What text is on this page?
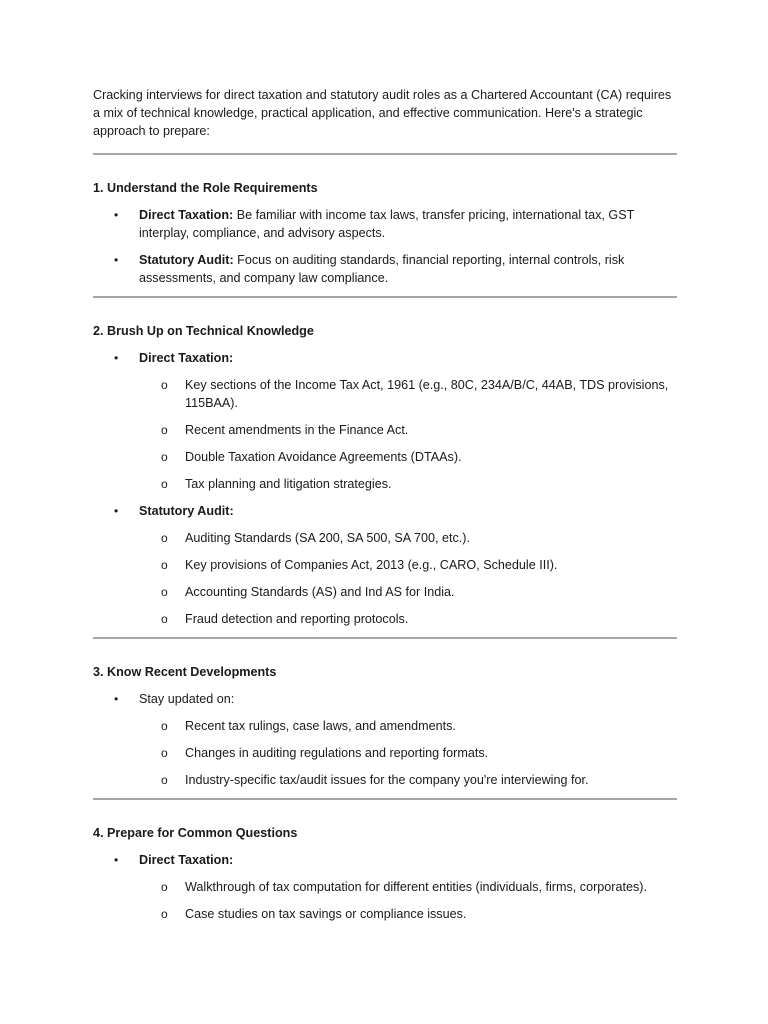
Cracking interviews for direct taxation and statutory audit roles as a Chartered Accountant (CA) requires a mix of technical knowledge, practical application, and effective communication. Here's a strategic approach to prepare:

1. Understand the Role Requirements
• Direct Taxation: Be familiar with income tax laws, transfer pricing, international tax, GST interplay, compliance, and advisory aspects.
• Statutory Audit: Focus on auditing standards, financial reporting, internal controls, risk assessments, and company law compliance.
2. Brush Up on Technical Knowledge
• Direct Taxation:
o Key sections of the Income Tax Act, 1961 (e.g., 80C, 234A/B/C, 44AB, TDS provisions, 115BAA).
o Recent amendments in the Finance Act.
o Double Taxation Avoidance Agreements (DTAAs).
o Tax planning and litigation strategies.
• Statutory Audit:
o Auditing Standards (SA 200, SA 500, SA 700, etc.).
o Key provisions of Companies Act, 2013 (e.g., CARO, Schedule III).
o Accounting Standards (AS) and Ind AS for India.
o Fraud detection and reporting protocols.
3. Know Recent Developments
• Stay updated on:
o Recent tax rulings, case laws, and amendments.
o Changes in auditing regulations and reporting formats.
o Industry-specific tax/audit issues for the company you're interviewing for.
4. Prepare for Common Questions
• Direct Taxation:
o Walkthrough of tax computation for different entities (individuals, firms, corporates).
o Case studies on tax savings or compliance issues.
